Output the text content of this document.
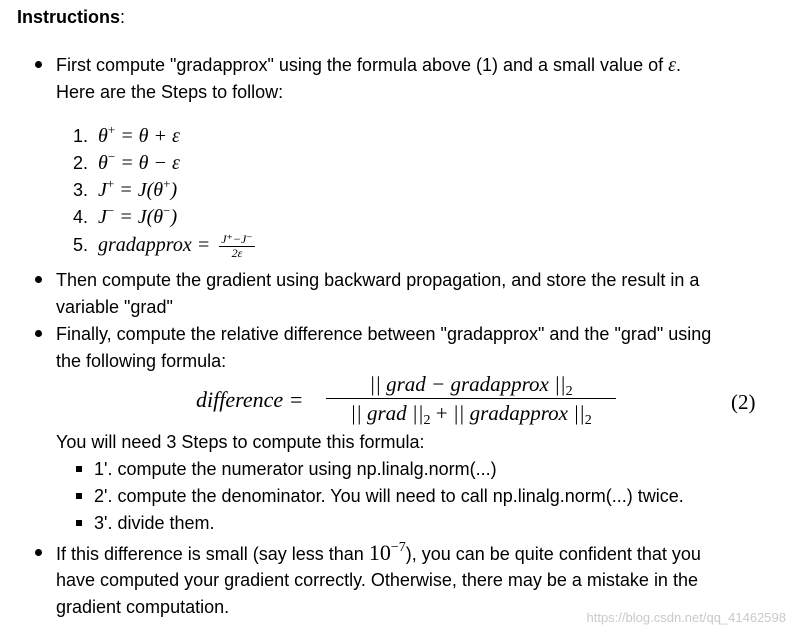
Instructions:
First compute "gradapprox" using the formula above (1) and a small value of ε.
Here are the Steps to follow:
1. θ+ = θ + ε
2. θ− = θ − ε
3. J+ = J(θ+)
4. J− = J(θ−)
5. gradapprox = $\frac{J^+-J^-}{2\varepsilon}$
Then compute the gradient using backward propagation, and store the result in a
variable "grad"
Finally, compute the relative difference between "gradapprox" and the "grad" using
the following formula:
difference =
|| grad − gradapprox ||2
|| grad ||2 + || gradapprox ||2
(2)
You will need 3 Steps to compute this formula:
1'. compute the numerator using np.linalg.norm(...)
2'. compute the denominator. You will need to call np.linalg.norm(...) twice.
3'. divide them.
If this difference is small (say less than $10^{-7}$), you can be quite confident that you
have computed your gradient correctly. Otherwise, there may be a mistake in the
gradient computation.
https://blog.csdn.net/qq_41462598
